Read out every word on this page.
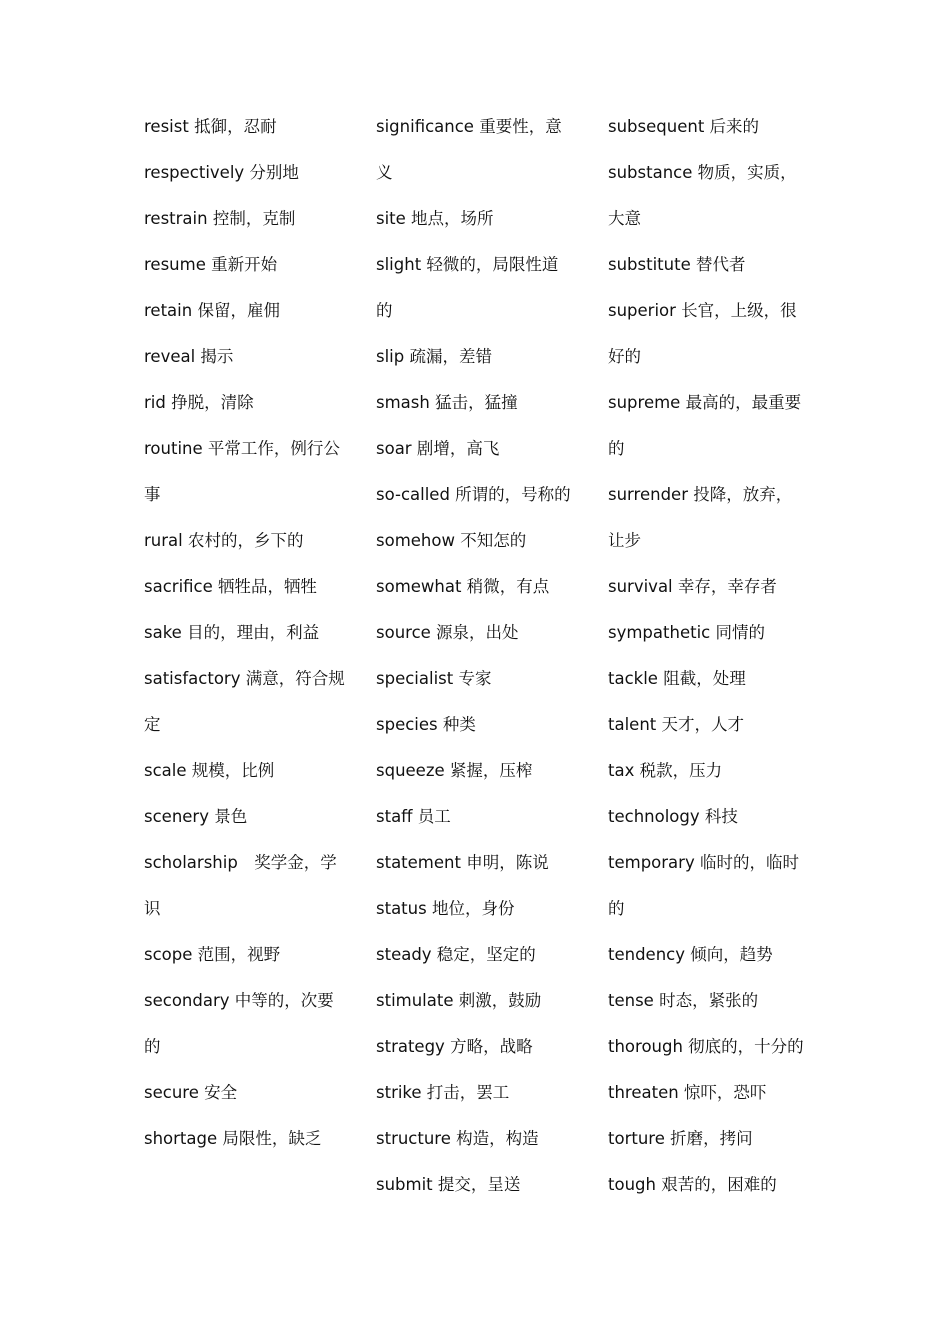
resist 抵御，忍耐
respectively 分别地
restrain 控制，克制
resume 重新开始
retain 保留，雇佣
reveal 揭示
rid 挣脱，清除
routine 平常工作，例行公
事
rural 农村的，乡下的
sacrifice 牺牲品，牺牲
sake 目的，理由，利益
satisfactory 满意，符合规
定
scale 规模，比例
scenery 景色
scholarship　奖学金，学
识
scope 范围，视野
secondary 中等的，次要
的
secure 安全
shortage 局限性，缺乏
significance 重要性，意
义
site 地点，场所
slight 轻微的，局限性道
的
slip 疏漏，差错
smash 猛击，猛撞
soar 剧增，高飞
so-called 所谓的，号称的
somehow 不知怎的
somewhat 稍微，有点
source 源泉，出处
specialist 专家
species 种类
squeeze 紧握，压榨
staff 员工
statement 申明，陈说
status 地位，身份
steady 稳定，坚定的
stimulate 刺激，鼓励
strategy 方略，战略
strike 打击，罢工
structure 构造，构造
submit 提交，呈送
subsequent 后来的
substance 物质，实质，
大意
substitute 替代者
superior 长官，上级，很
好的
supreme 最高的，最重要
的
surrender 投降，放弃，
让步
survival 幸存，幸存者
sympathetic 同情的
tackle 阻截，处理
talent 天才，人才
tax 税款，压力
technology 科技
temporary 临时的，临时
的
tendency 倾向，趋势
tense 时态，紧张的
thorough 彻底的，十分的
threaten 惊吓，恐吓
torture 折磨，拷问
tough 艰苦的，困难的
